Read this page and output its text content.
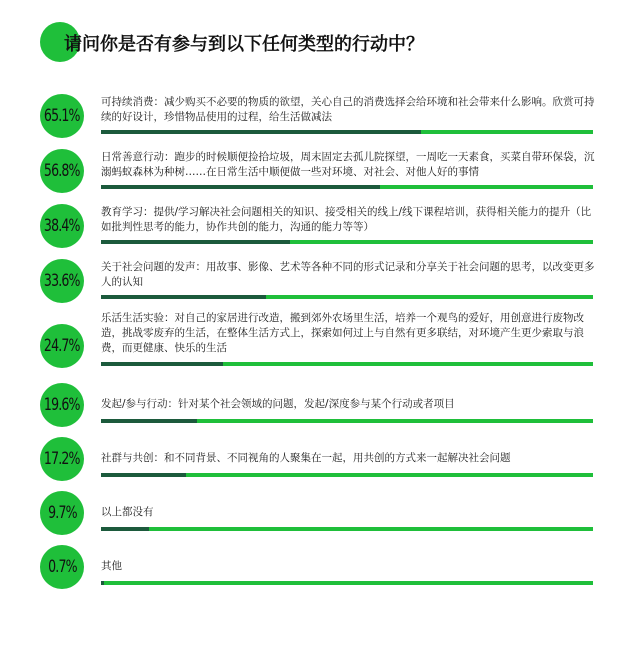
请问你是否有参与到以下任何类型的行动中？
65.1%
可持续消费：减少购买不必要的物质的欲望，关心自己的消费选择会给环境和社会带来什么影响。欣赏可持续的好设计，珍惜物品使用的过程，给生活做减法
56.8%
日常善意行动：跑步的时候顺便捡拾垃圾，周末固定去孤儿院探望，一周吃一天素食，买菜自带环保袋，沉溺蚂蚁森林为种树……在日常生活中顺便做一些对环境、对社会、对他人好的事情
38.4%
教育学习：提供/学习解决社会问题相关的知识、接受相关的线上/线下课程培训，获得相关能力的提升（比如批判性思考的能力，协作共创的能力，沟通的能力等等）
33.6%
关于社会问题的发声：用故事、影像、艺术等各种不同的形式记录和分享关于社会问题的思考，以改变更多人的认知
24.7%
乐活生活实验：对自己的家居进行改造，搬到郊外农场里生活，培养一个观鸟的爱好，用创意进行废物改造，挑战零废弃的生活，在整体生活方式上，探索如何过上与自然有更多联结，对环境产生更少索取与浪费，而更健康、快乐的生活
19.6% 发起/参与行动：针对某个社会领域的问题，发起/深度参与某个行动或者项目
17.2% 社群与共创：和不同背景、不同视角的人聚集在一起，用共创的方式来一起解决社会问题
9.7% 以上都没有
0.7% 其他
